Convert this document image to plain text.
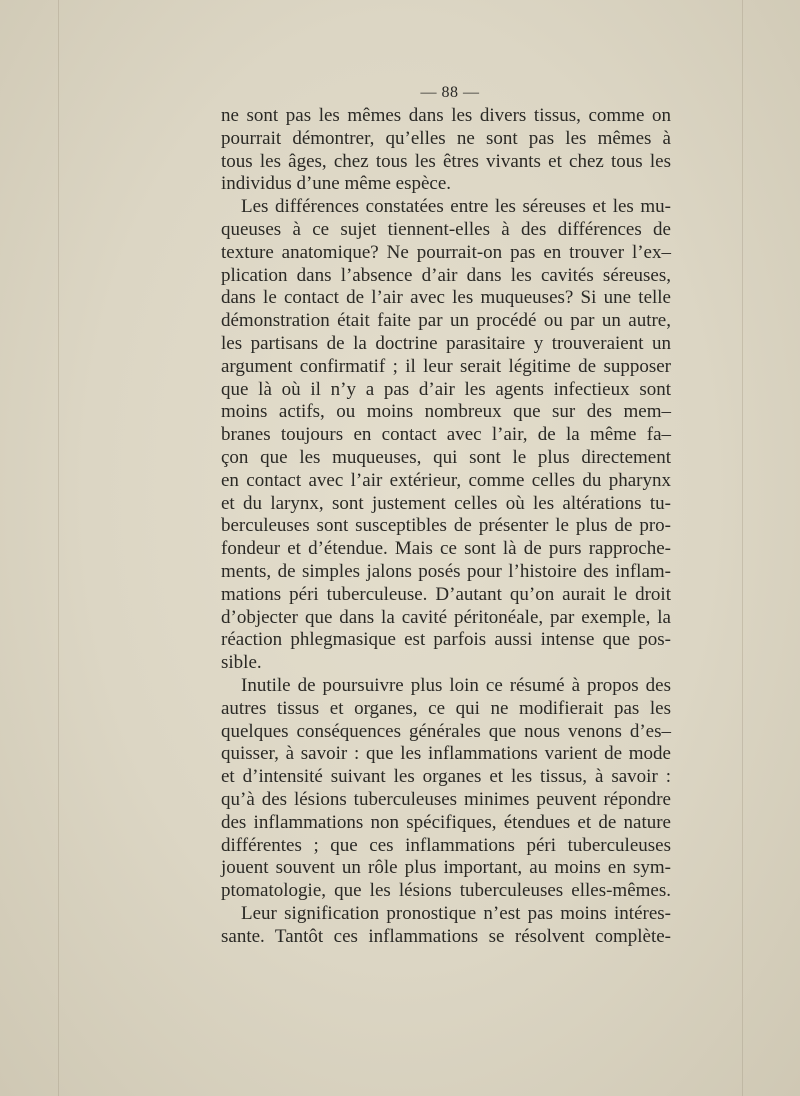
— 88 —
ne sont pas les mêmes dans les divers tissus, comme on
pourrait démontrer, qu’elles ne sont pas les mêmes à
tous les âges, chez tous les êtres vivants et chez tous les
individus d’une même espèce.
Les différences constatées entre les séreuses et les mu-
queuses à ce sujet tiennent-elles à des différences de
texture anatomique? Ne pourrait-on pas en trouver l’ex–
plication dans l’absence d’air dans les cavités séreuses,
dans le contact de l’air avec les muqueuses? Si une telle
démonstration était faite par un procédé ou par un autre,
les partisans de la doctrine parasitaire y trouveraient un
argument confirmatif ; il leur serait légitime de supposer
que là où il n’y a pas d’air les agents infectieux sont
moins actifs, ou moins nombreux que sur des mem–
branes toujours en contact avec l’air, de la même fa–
çon que les muqueuses, qui sont le plus directement
en contact avec l’air extérieur, comme celles du pharynx
et du larynx, sont justement celles où les altérations tu-
berculeuses sont susceptibles de présenter le plus de pro-
fondeur et d’étendue. Mais ce sont là de purs rapproche-
ments, de simples jalons posés pour l’histoire des inflam-
mations péri tuberculeuse. D’autant qu’on aurait le droit
d’objecter que dans la cavité péritonéale, par exemple, la
réaction phlegmasique est parfois aussi intense que pos-
sible.
Inutile de poursuivre plus loin ce résumé à propos des
autres tissus et organes, ce qui ne modifierait pas les
quelques conséquences générales que nous venons d’es–
quisser, à savoir : que les inflammations varient de mode
et d’intensité suivant les organes et les tissus, à savoir :
qu’à des lésions tuberculeuses minimes peuvent répondre
des inflammations non spécifiques, étendues et de nature
différentes ; que ces inflammations péri tuberculeuses
jouent souvent un rôle plus important, au moins en sym-
ptomatologie, que les lésions tuberculeuses elles-mêmes.
Leur signification pronostique n’est pas moins intéres-
sante. Tantôt ces inflammations se résolvent complète-
